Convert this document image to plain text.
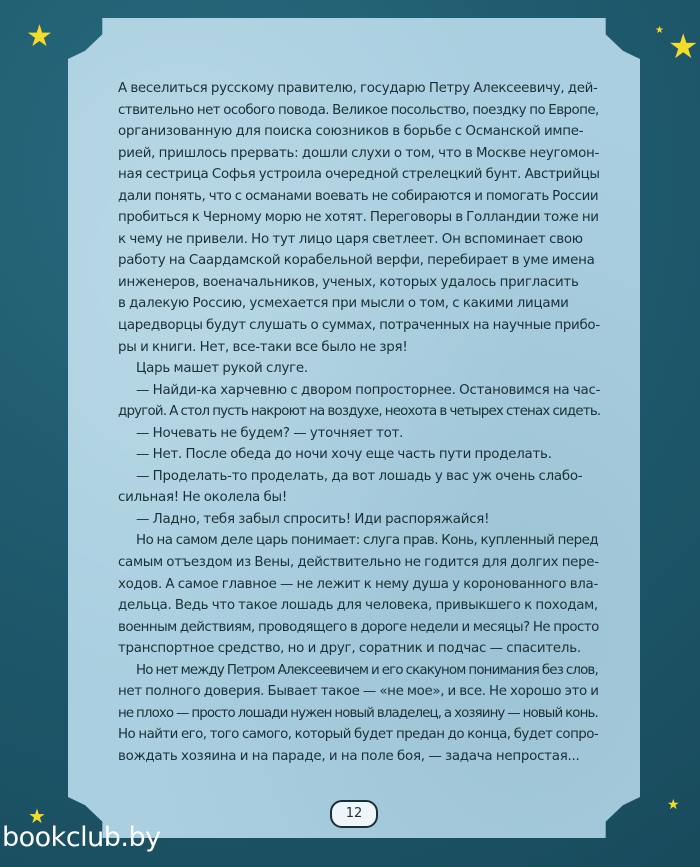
★	★ ★
★	★
А веселиться русскому правителю, государю Петру Алексеевичу, дей-
ствительно нет особого повода. Великое посольство, поездку по Европе,
организованную для поиска союзников в борьбе с Османской импе-
рией, пришлось прервать: дошли слухи о том, что в Москве неугомон-
ная сестрица Софья устроила очередной стрелецкий бунт. Австрийцы
дали понять, что с османами воевать не собираются и помогать России
пробиться к Черному морю не хотят. Переговоры в Голландии тоже ни
к чему не привели. Но тут лицо царя светлеет. Он вспоминает свою
работу на Саардамской корабельной верфи, перебирает в уме имена
инженеров, военачальников, ученых, которых удалось пригласить
в далекую Россию, усмехается при мысли о том, с какими лицами
царедворцы будут слушать о суммах, потраченных на научные прибо-
ры и книги. Нет, все-таки все было не зря!
Царь машет рукой слуге.
— Найди-ка харчевню с двором попросторнее. Остановимся на час-
другой. А стол пусть накроют на воздухе, неохота в четырех стенах сидеть.
— Ночевать не будем? — уточняет тот.
— Нет. После обеда до ночи хочу еще часть пути проделать.
— Проделать-то проделать, да вот лошадь у вас уж очень слабо-
сильная! Не околела бы!
— Ладно, тебя забыл спросить! Иди распоряжайся!
Но на самом деле царь понимает: слуга прав. Конь, купленный перед
самым отъездом из Вены, действительно не годится для долгих пере-
ходов. А самое главное — не лежит к нему душа у коронованного вла-
дельца. Ведь что такое лошадь для человека, привыкшего к походам,
военным действиям, проводящего в дороге недели и месяцы? Не просто
транспортное средство, но и друг, соратник и подчас — спаситель.
Но нет между Петром Алексеевичем и его скакуном понимания без слов,
нет полного доверия. Бывает такое — «не мое», и все. Не хорошо это и
не плохо — просто лошади нужен новый владелец, а хозяину — новый конь.
Но найти его, того самого, который будет предан до конца, будет сопро-
вождать хозяина и на параде, и на поле боя, — задача непростая...
12
bookclub.by
